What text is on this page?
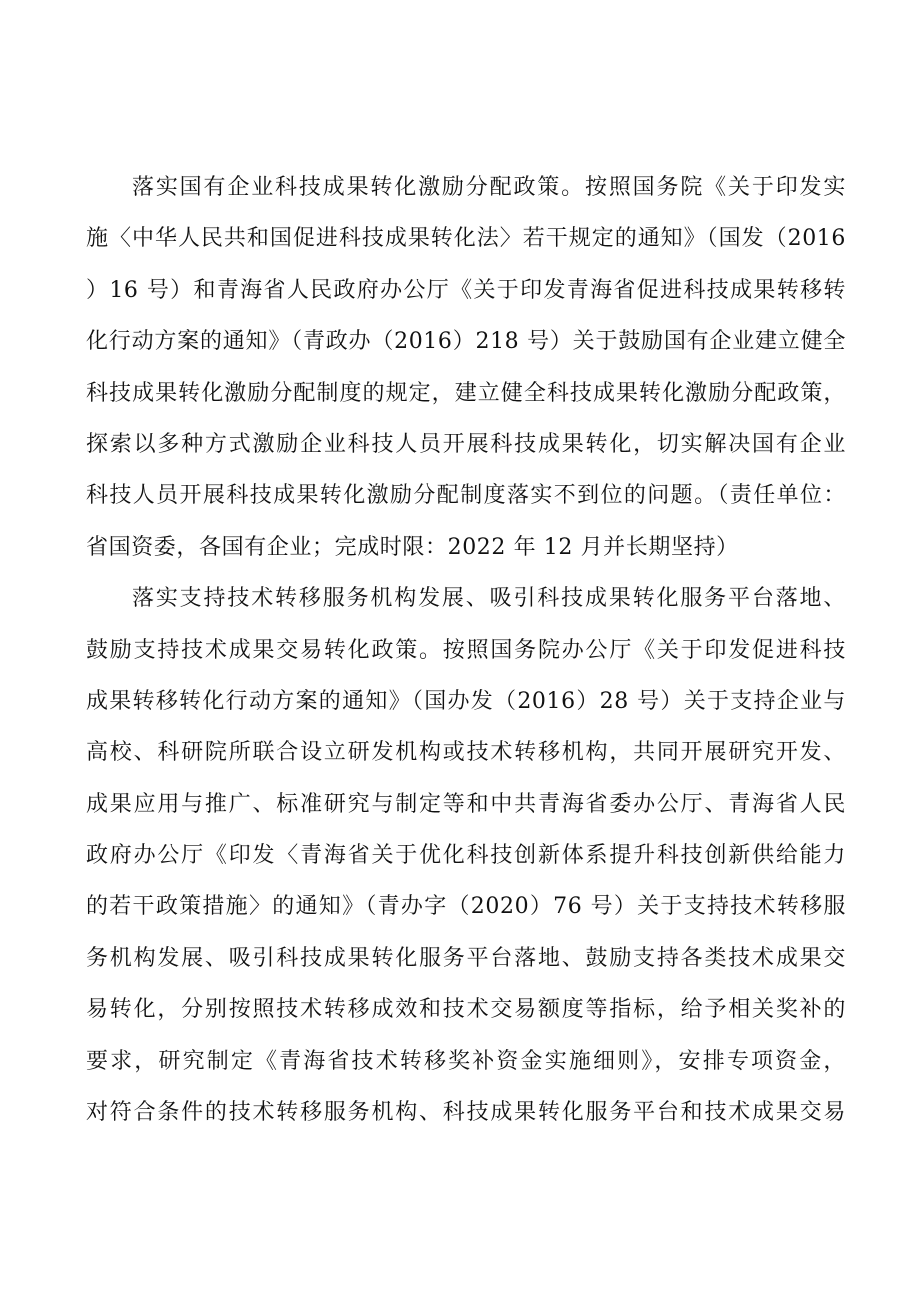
落实国有企业科技成果转化激励分配政策。按照国务院《关于印发实
施〈中华人民共和国促进科技成果转化法〉若干规定的通知》（国发（2016
）16 号）和青海省人民政府办公厅《关于印发青海省促进科技成果转移转
化行动方案的通知》（青政办（2016）218 号）关于鼓励国有企业建立健全
科技成果转化激励分配制度的规定，建立健全科技成果转化激励分配政策，
探索以多种方式激励企业科技人员开展科技成果转化，切实解决国有企业
科技人员开展科技成果转化激励分配制度落实不到位的问题。（责任单位：
省国资委，各国有企业；完成时限：2022 年 12 月并长期坚持）
落实支持技术转移服务机构发展、吸引科技成果转化服务平台落地、
鼓励支持技术成果交易转化政策。按照国务院办公厅《关于印发促进科技
成果转移转化行动方案的通知》（国办发（2016）28 号）关于支持企业与
高校、科研院所联合设立研发机构或技术转移机构，共同开展研究开发、
成果应用与推广、标准研究与制定等和中共青海省委办公厅、青海省人民
政府办公厅《印发〈青海省关于优化科技创新体系提升科技创新供给能力
的若干政策措施〉的通知》（青办字（2020）76 号）关于支持技术转移服
务机构发展、吸引科技成果转化服务平台落地、鼓励支持各类技术成果交
易转化，分别按照技术转移成效和技术交易额度等指标，给予相关奖补的
要求，研究制定《青海省技术转移奖补资金实施细则》，安排专项资金，
对符合条件的技术转移服务机构、科技成果转化服务平台和技术成果交易
